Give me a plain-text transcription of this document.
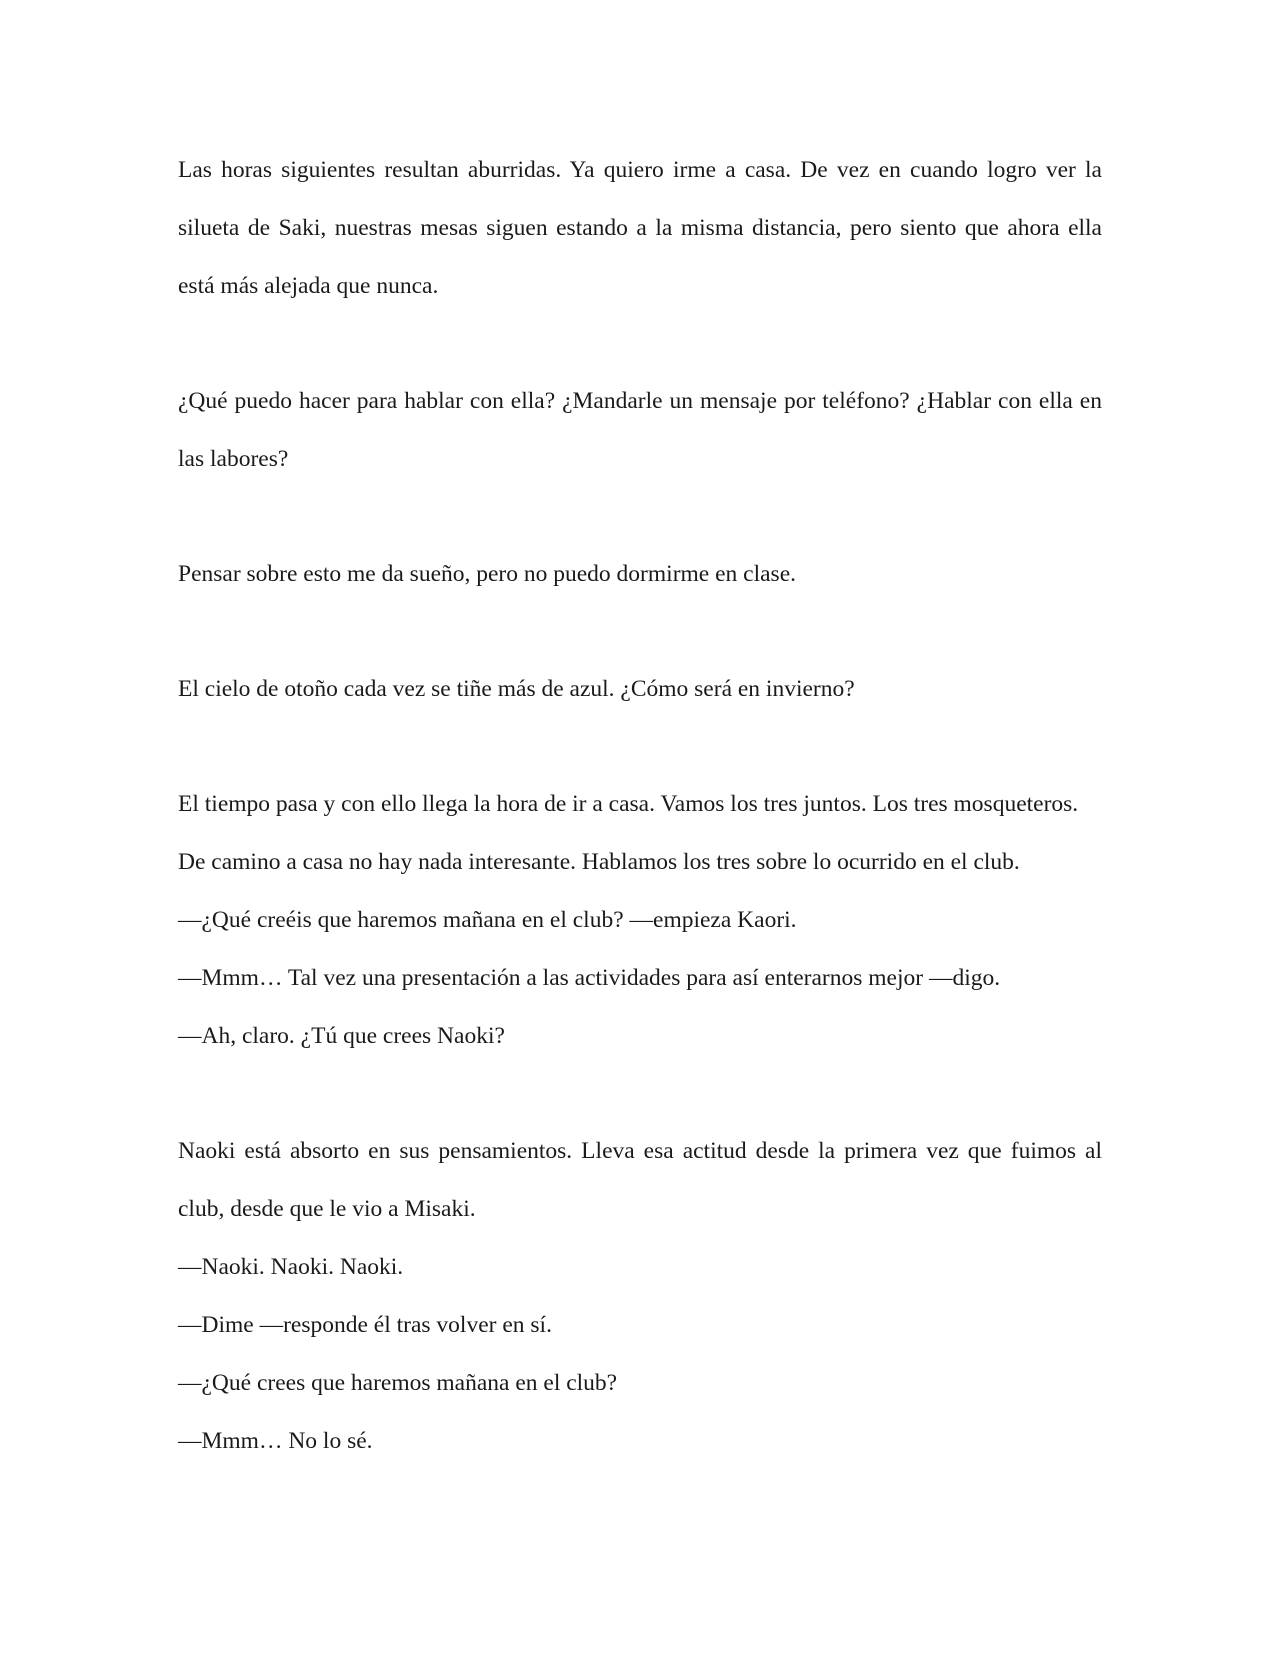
Las horas siguientes resultan aburridas. Ya quiero irme a casa. De vez en cuando logro ver la silueta de Saki, nuestras mesas siguen estando a la misma distancia, pero siento que ahora ella está más alejada que nunca.

¿Qué puedo hacer para hablar con ella? ¿Mandarle un mensaje por teléfono? ¿Hablar con ella en las labores?

Pensar sobre esto me da sueño, pero no puedo dormirme en clase.

El cielo de otoño cada vez se tiñe más de azul. ¿Cómo será en invierno?

El tiempo pasa y con ello llega la hora de ir a casa. Vamos los tres juntos. Los tres mosqueteros.

De camino a casa no hay nada interesante. Hablamos los tres sobre lo ocurrido en el club.

—¿Qué creéis que haremos mañana en el club? —empieza Kaori.

—Mmm… Tal vez una presentación a las actividades para así enterarnos mejor —digo.

—Ah, claro. ¿Tú que crees Naoki?

Naoki está absorto en sus pensamientos. Lleva esa actitud desde la primera vez que fuimos al club, desde que le vio a Misaki.

—Naoki. Naoki. Naoki.

—Dime —responde él tras volver en sí.

—¿Qué crees que haremos mañana en el club?

—Mmm… No lo sé.
